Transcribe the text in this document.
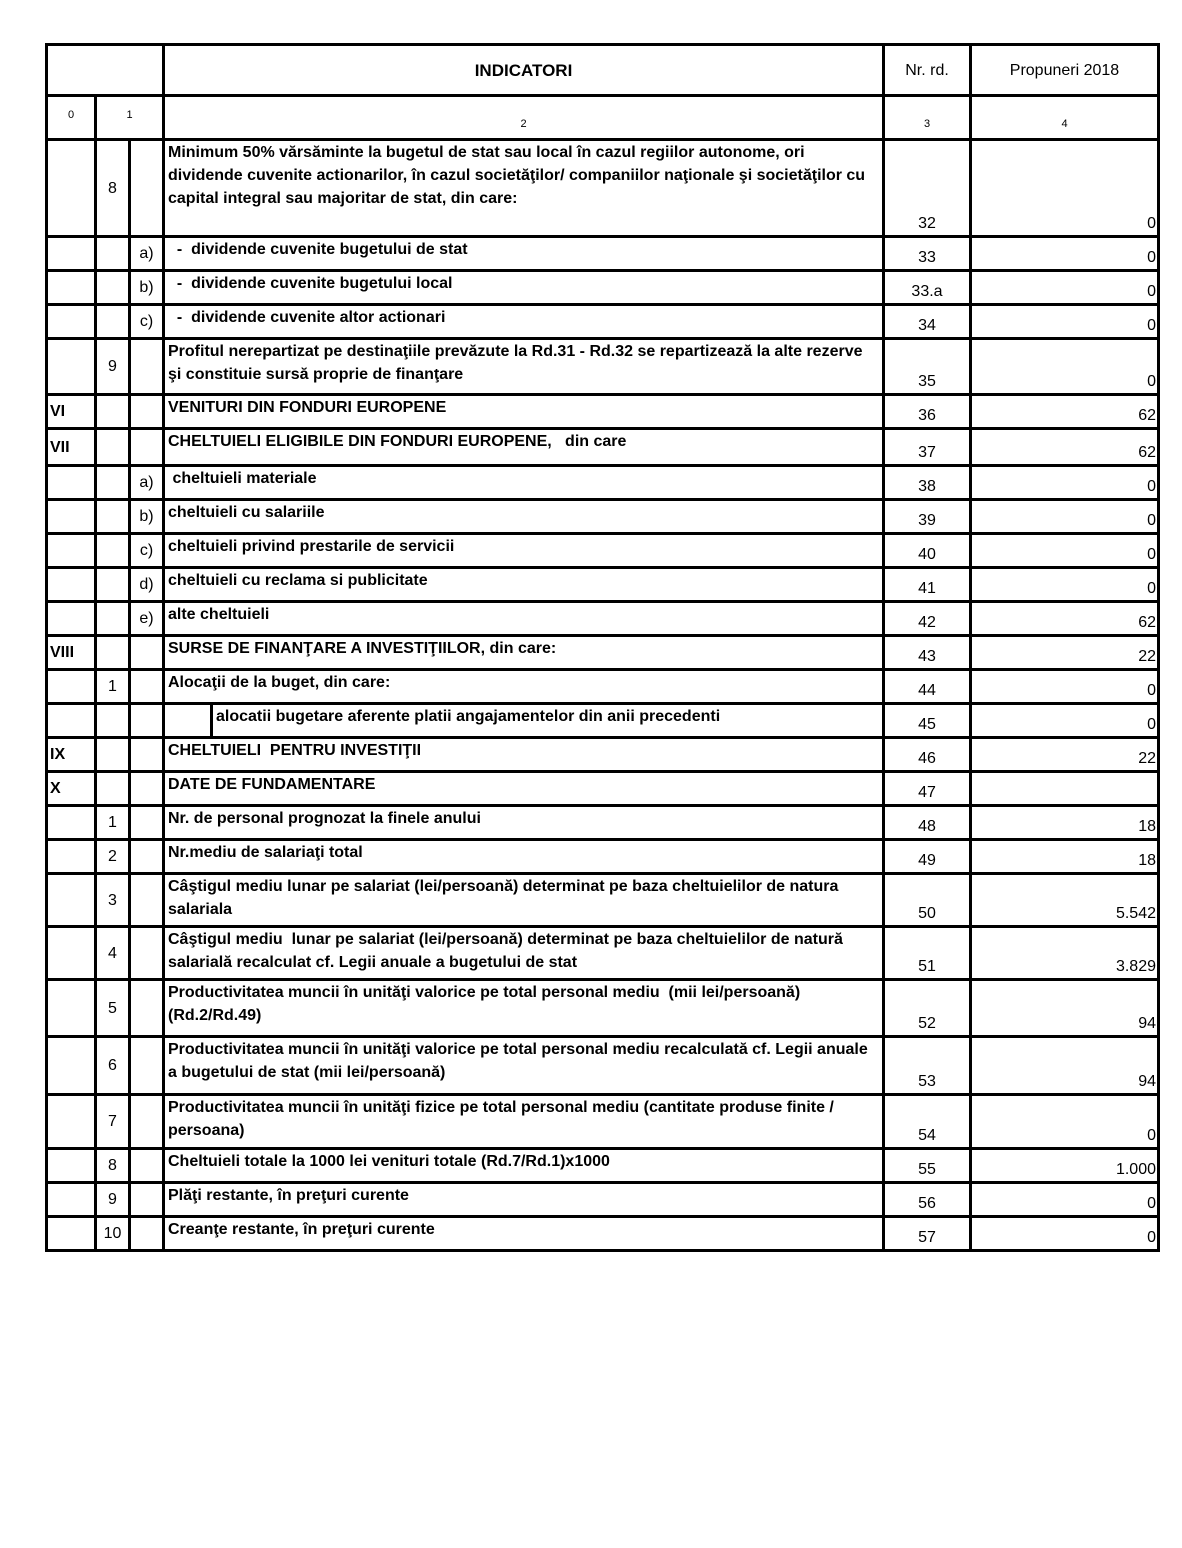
			INDICATORI	Nr. rd.	Propuneri 2018
0	1		2	3	4
	8		Minimum 50% vărsăminte la bugetul de stat sau local în cazul regiilor autonome, ori dividende cuvenite actionarilor, în cazul societăţilor/ companiilor naţionale şi societăţilor cu capital integral sau majoritar de stat, din care:	32	0
		a)	-  dividende cuvenite bugetului de stat	33	0
		b)	-  dividende cuvenite bugetului local	33.a	0
		c)	-  dividende cuvenite altor actionari	34	0
	9		Profitul nerepartizat pe destinaţiile prevăzute la Rd.31 - Rd.32 se repartizează la alte rezerve şi constituie sursă proprie de finanţare	35	0
VI			VENITURI DIN FONDURI EUROPENE	36	62
VII			CHELTUIELI ELIGIBILE DIN FONDURI EUROPENE,   din care	37	62
		a)	cheltuieli materiale	38	0
		b)	cheltuieli cu salariile	39	0
		c)	cheltuieli privind prestarile de servicii	40	0
		d)	cheltuieli cu reclama si publicitate	41	0
		e)	alte cheltuieli	42	62
VIII			SURSE DE FINANŢARE A INVESTIŢIILOR, din care:	43	22
	1		Alocaţii de la buget, din care:	44	0

			alocatii bugetare aferente platii angajamentelor din anii precedenti	45	0
IX			CHELTUIELI  PENTRU INVESTIŢII	46	22
X			DATE DE FUNDAMENTARE	47	
	1		Nr. de personal prognozat la finele anului	48	18
	2		Nr.mediu de salariaţi total	49	18
	3		Câştigul mediu lunar pe salariat (lei/persoană) determinat pe baza cheltuielilor de natura salariala	50	5.542
	4		Câştigul mediu  lunar pe salariat (lei/persoană) determinat pe baza cheltuielilor de natură salarială recalculat cf. Legii anuale a bugetului de stat	51	3.829
	5		Productivitatea muncii în unităţi valorice pe total personal mediu  (mii lei/persoană) (Rd.2/Rd.49)	52	94
	6		Productivitatea muncii în unităţi valorice pe total personal mediu recalculată cf. Legii anuale a bugetului de stat (mii lei/persoană)	53	94
	7		Productivitatea muncii în unităţi fizice pe total personal mediu (cantitate produse finite / persoana)	54	0
	8		Cheltuieli totale la 1000 lei venituri totale (Rd.7/Rd.1)x1000	55	1.000
	9		Plăţi restante, în preţuri curente	56	0
	10		Creanţe restante, în preţuri curente	57	0
